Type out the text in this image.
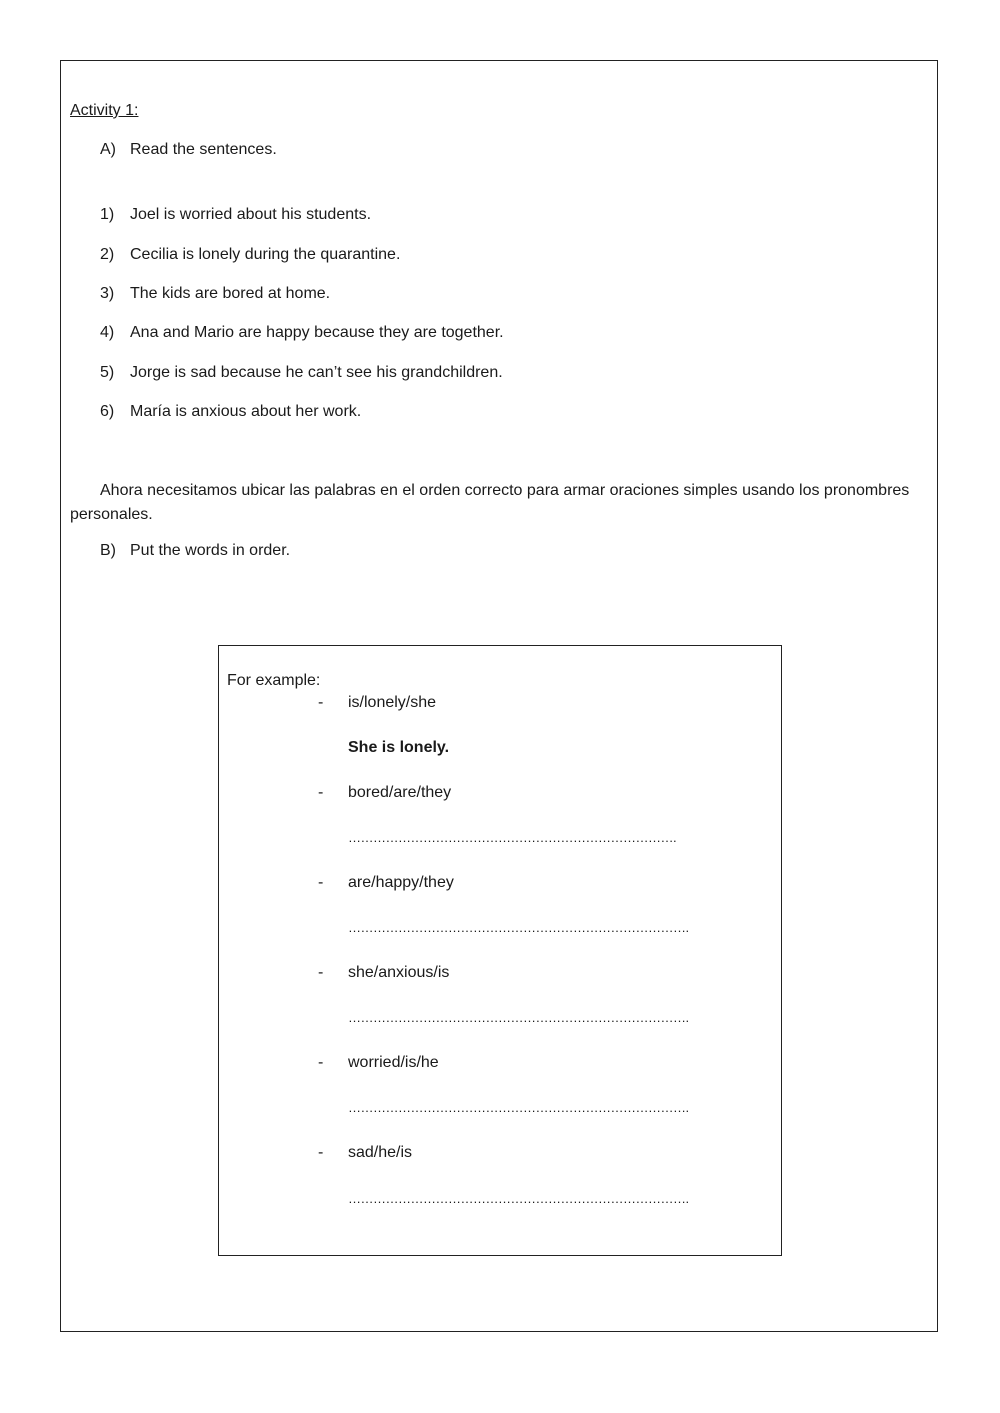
Activity 1:
A) Read the sentences.
1) Joel is worried about his students.
2) Cecilia is lonely during the quarantine.
3) The kids are bored at home.
4) Ana and Mario are happy because they are together.
5) Jorge is sad because he can’t see his grandchildren.
6) María is anxious about her work.
Ahora necesitamos ubicar las palabras en el orden correcto para armar oraciones simples usando los pronombres personales.
B) Put the words in order.
For example:
- is/lonely/she
She is lonely.
- bored/are/they
…………………………………………………………………….
- are/happy/they
……………………………………………………………………….
- she/anxious/is
……………………………………………………………………….
- worried/is/he
……………………………………………………………………….
- sad/he/is
……………………………………………………………………….
